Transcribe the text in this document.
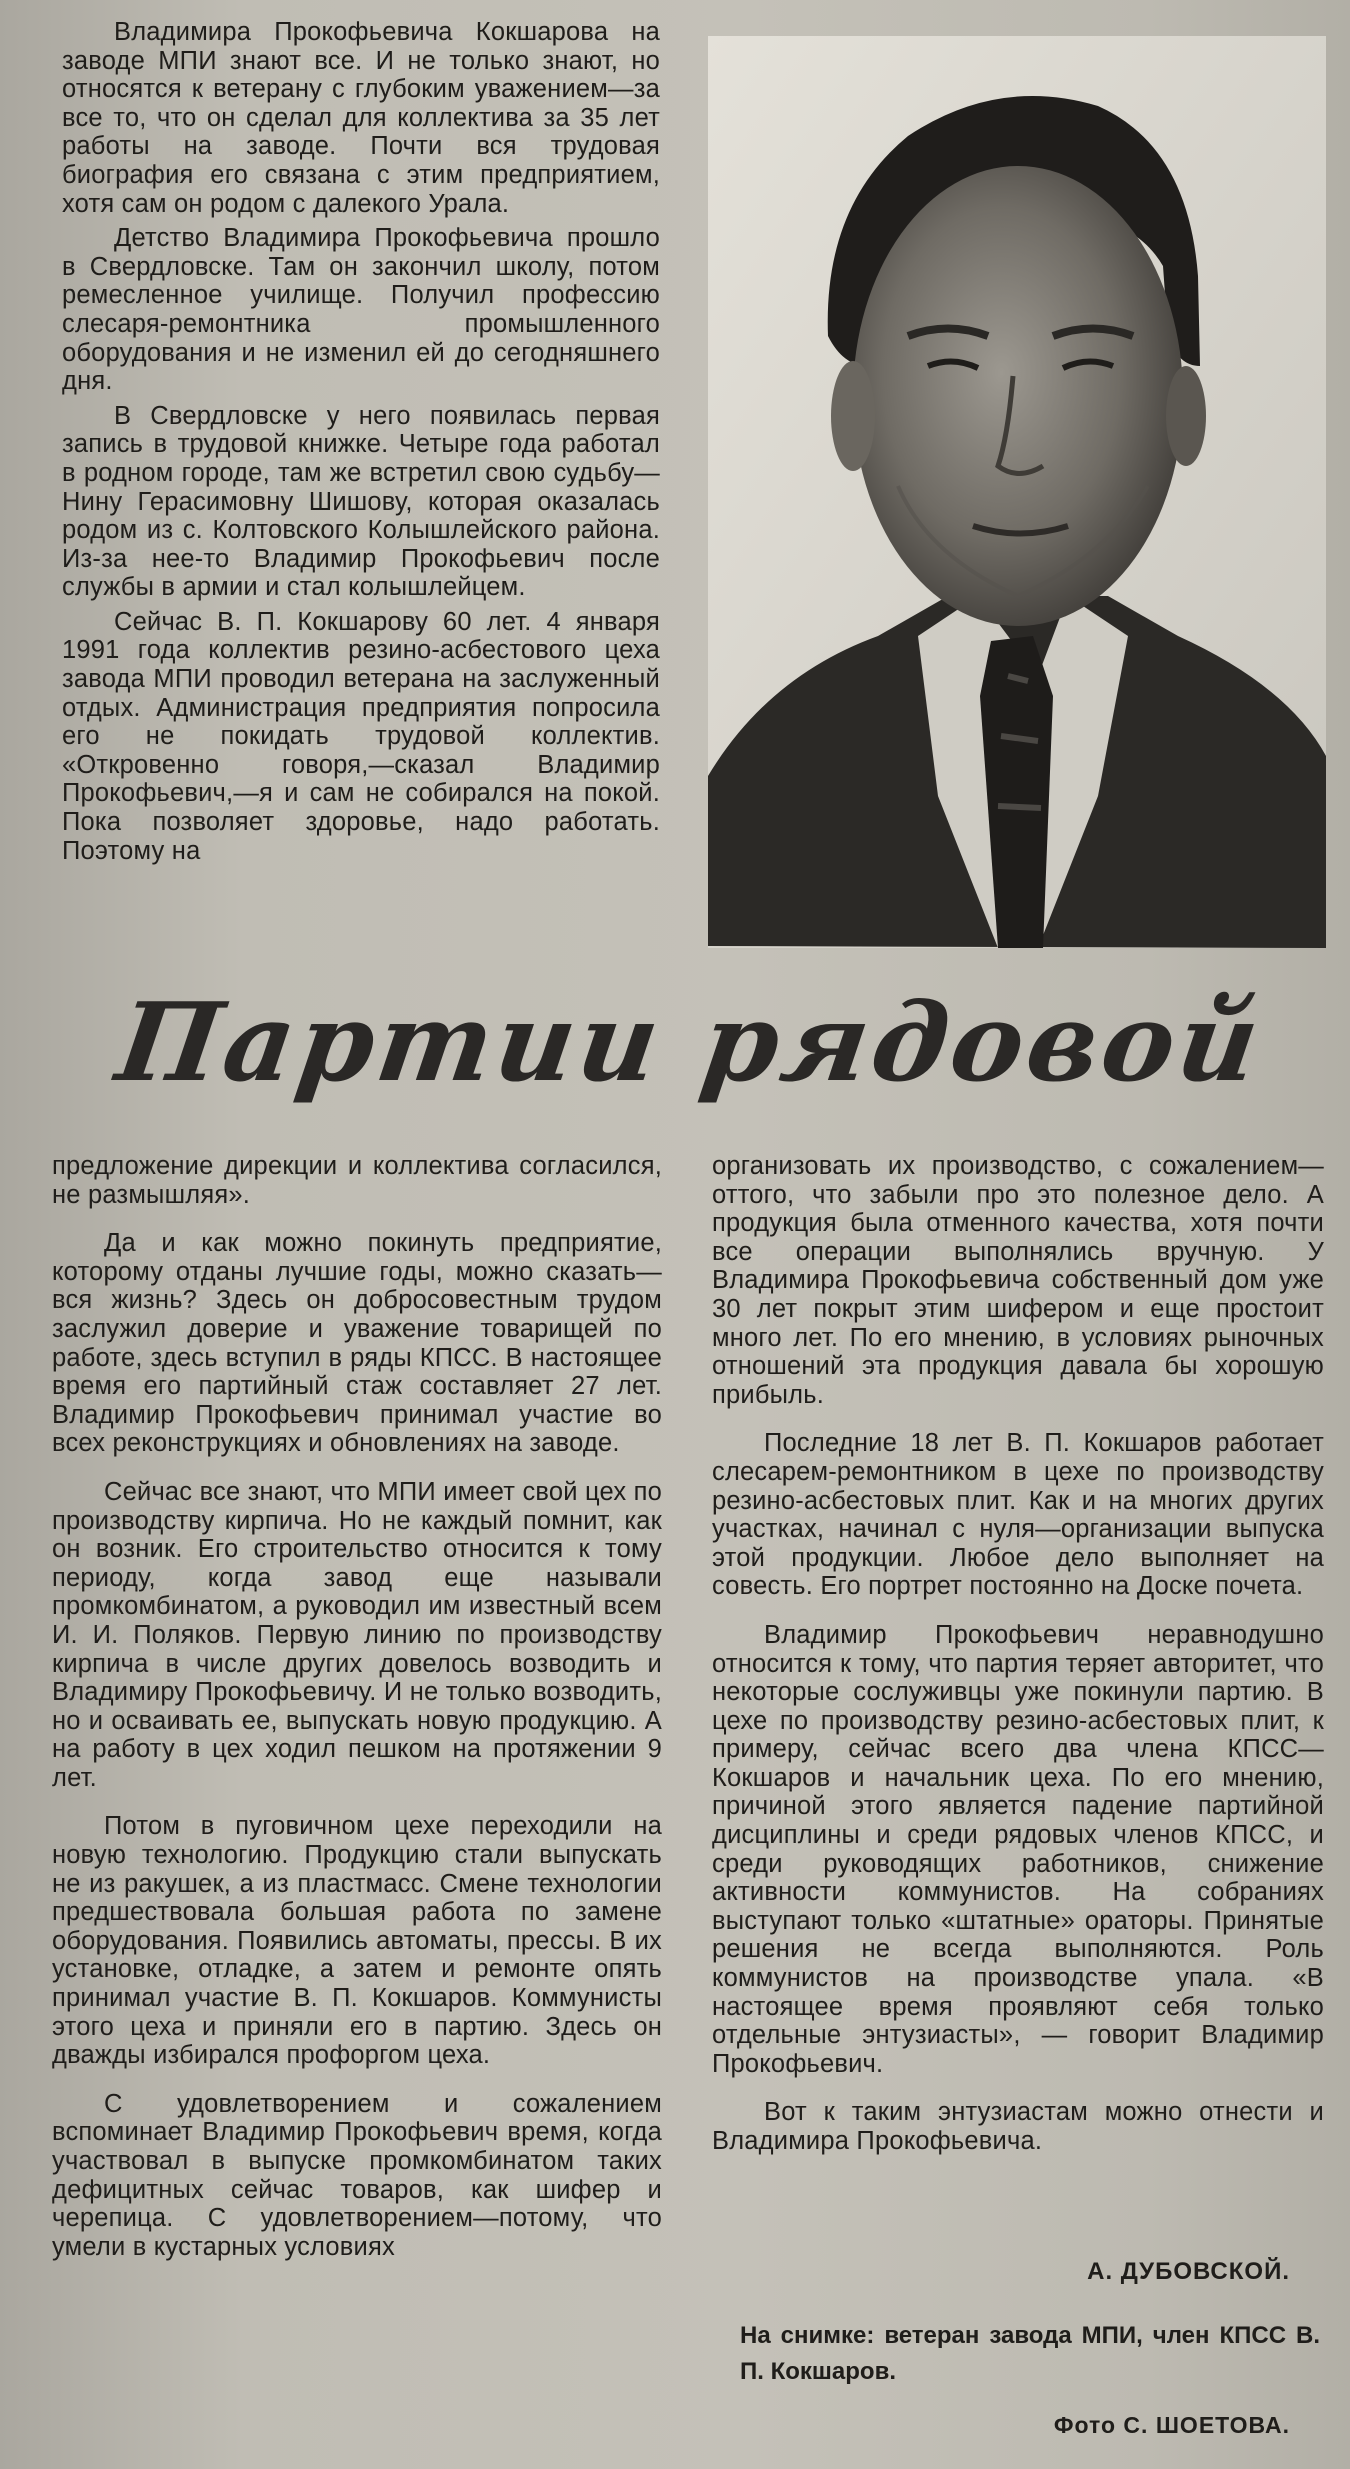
Владимира Прокофьевича Кокшарова на заводе МПИ знают все. И не только знают, но относятся к ветерану с глубоким уважением—за все то, что он сделал для коллектива за 35 лет работы на заводе. Почти вся трудовая биография его связана с этим предприятием, хотя сам он родом с далекого Урала.

Детство Владимира Прокофьевича прошло в Свердловске. Там он закончил школу, потом ремесленное училище. Получил профессию слесаря-ремонтника промышленного оборудования и не изменил ей до сегодняшнего дня.

В Свердловске у него появилась первая запись в трудовой книжке. Четыре года работал в родном городе, там же встретил свою судьбу—Нину Герасимовну Шишову, которая оказалась родом из с. Колтовского Колышлейского района. Из-за нее-то Владимир Прокофьевич после службы в армии и стал колышлейцем.

Сейчас В. П. Кокшарову 60 лет. 4 января 1991 года коллектив резино-асбестового цеха завода МПИ проводил ветерана на заслуженный отдых. Администрация предприятия попросила его не покидать трудовой коллектив. «Откровенно говоря,—сказал Владимир Прокофьевич,—я и сам не собирался на покой. Пока позволяет здоровье, надо работать. Поэтому на

Партии рядовой

предложение дирекции и коллектива согласился, не размышляя».

Да и как можно покинуть предприятие, которому отданы лучшие годы, можно сказать—вся жизнь? Здесь он добросовестным трудом заслужил доверие и уважение товарищей по работе, здесь вступил в ряды КПСС. В настоящее время его партийный стаж составляет 27 лет. Владимир Прокофьевич принимал участие во всех реконструкциях и обновлениях на заводе.

Сейчас все знают, что МПИ имеет свой цех по производству кирпича. Но не каждый помнит, как он возник. Его строительство относится к тому периоду, когда завод еще называли промкомбинатом, а руководил им известный всем И. И. Поляков. Первую линию по производству кирпича в числе других довелось возводить и Владимиру Прокофьевичу. И не только возводить, но и осваивать ее, выпускать новую продукцию. А на работу в цех ходил пешком на протяжении 9 лет.

Потом в пуговичном цехе переходили на новую технологию. Продукцию стали выпускать не из ракушек, а из пластмасс. Смене технологии предшествовала большая работа по замене оборудования. Появились автоматы, прессы. В их установке, отладке, а затем и ремонте опять принимал участие В. П. Кокшаров. Коммунисты этого цеха и приняли его в партию. Здесь он дважды избирался профоргом цеха.

С удовлетворением и сожалением вспоминает Владимир Прокофьевич время, когда участвовал в выпуске промкомбинатом таких дефицитных сейчас товаров, как шифер и черепица. С удовлетворением—потому, что умели в кустарных условиях

организовать их производство, с сожалением—оттого, что забыли про это полезное дело. А продукция была отменного качества, хотя почти все операции выполнялись вручную. У Владимира Прокофьевича собственный дом уже 30 лет покрыт этим шифером и еще простоит много лет. По его мнению, в условиях рыночных отношений эта продукция давала бы хорошую прибыль.

Последние 18 лет В. П. Кокшаров работает слесарем-ремонтником в цехе по производству резино-асбестовых плит. Как и на многих других участках, начинал с нуля—организации выпуска этой продукции. Любое дело выполняет на совесть. Его портрет постоянно на Доске почета.

Владимир Прокофьевич неравнодушно относится к тому, что партия теряет авторитет, что некоторые сослуживцы уже покинули партию. В цехе по производству резино-асбестовых плит, к примеру, сейчас всего два члена КПСС—Кокшаров и начальник цеха. По его мнению, причиной этого является падение партийной дисциплины и среди рядовых членов КПСС, и среди руководящих работников, снижение активности коммунистов. На собраниях выступают только «штатные» ораторы. Принятые решения не всегда выполняются. Роль коммунистов на производстве упала. «В настоящее время проявляют себя только отдельные энтузиасты», — говорит Владимир Прокофьевич.

Вот к таким энтузиастам можно отнести и Владимира Прокофьевича.

А. ДУБОВСКОЙ.
На снимке: ветеран завода МПИ, член КПСС В. П. Кокшаров.
Фото С. ШОЕТОВА.
